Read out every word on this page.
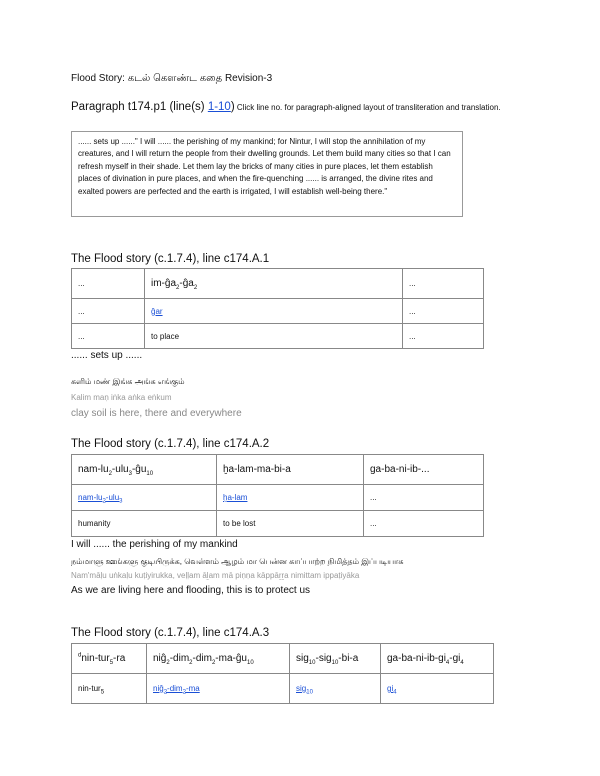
Flood Story: கடல் கௌண்ட கதை Revision-3
Paragraph t174.p1 (line(s) 1-10) Click line no. for paragraph-aligned layout of transliteration and translation.
...... sets up ......" I will ...... the perishing of my mankind; for Nintur, I will stop the annihilation of my creatures, and I will return the people from their dwelling grounds. Let them build many cities so that I can refresh myself in their shade. Let them lay the bricks of many cities in pure places, let them establish places of divination in pure places, and when the fire-quenching ...... is arranged, the divine rites and exalted powers are perfected and the earth is irrigated, I will establish well-being there."
The Flood story (c.1.7.4), line c174.A.1
...	$im-ĝa_2-ĝa_2$	...
...	ĝar	...
...	to place	...
...... sets up ......
களிம் மண் இங்க அங்க எங்கும்
Kalim maṇ iṅka aṅka eṅkum
clay soil is here, there and everywhere
The Flood story (c.1.7.4), line c174.A.2
nam-$lu_2-ulu_3-ĝu_{10}$	ḫa-lam-ma-bi-a	ga-ba-ni-ib-...
nam-$lu_2-ulu_3$	ḫa-lam	...
humanity	to be lost	...
I will ...... the perishing of my mankind
நம்மாளு ஊங்களு குடியிருக்க, வெள்ளம் ஆழம் மா பென்ன காப்பாற்ற நிமித்தம் இப்படியாக
Nam'māḷu uṅkaḷu kuṭiyirukka, veḷḷam āḻam mā piṇṇa kāppāṟṟa nimittam ippaṭiyāka
As we are living here and flooding, this is to protect us
The Flood story (c.1.7.4), line c174.A.3
$^d$nin-tur$_5$-ra	$niĝ_2-dim_2-dim_2-ma-ĝu_{10}$	sig$_{10}$-sig$_{10}$-bi-a	$ga-ba-ni-ib-gi_4-gi_4$
nin-tur$_5$	niĝ$_2$-dim$_2$-ma	sig$_{10}$	$gi_4$
